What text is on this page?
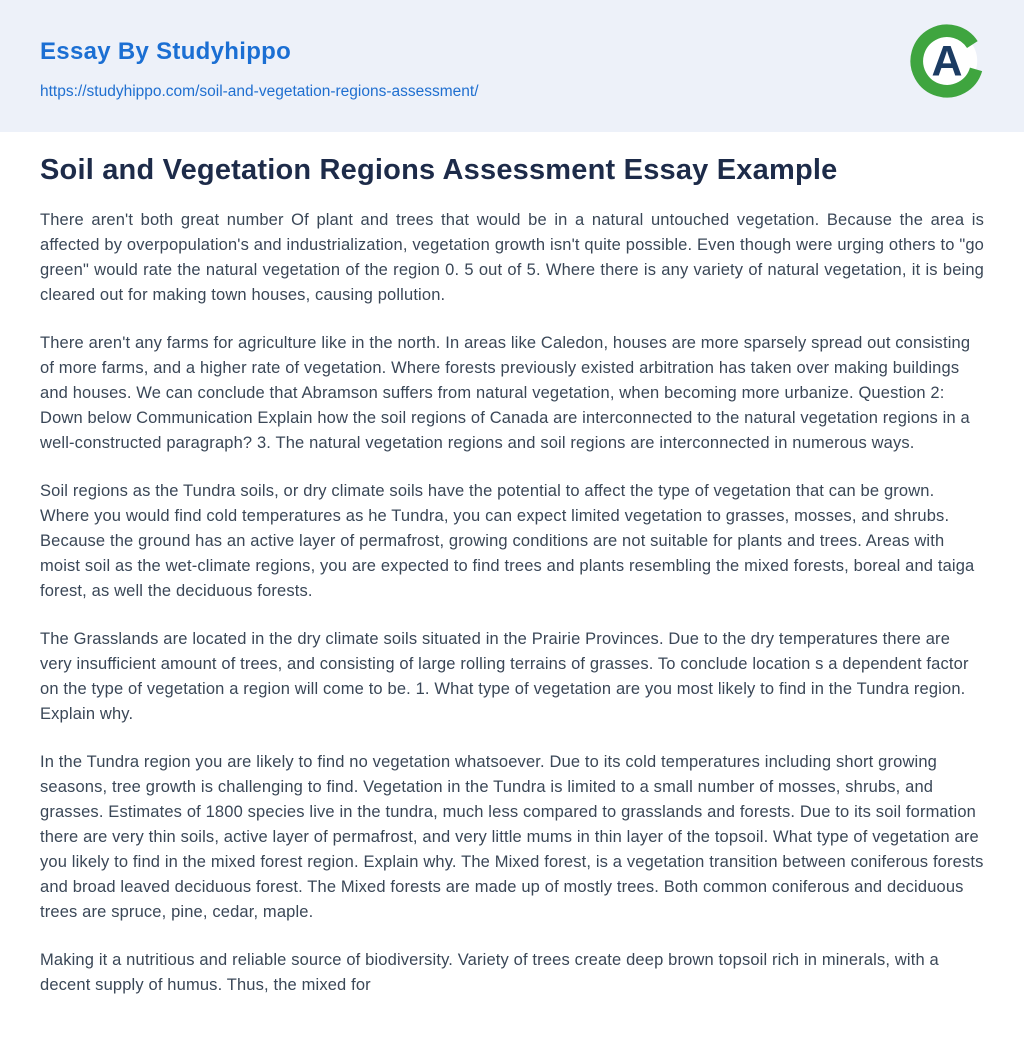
Essay By Studyhippo
https://studyhippo.com/soil-and-vegetation-regions-assessment/
A
Soil and Vegetation Regions Assessment Essay Example

There aren't both great number Of plant and trees that would be in a natural untouched vegetation. Because the area is affected by overpopulation's and industrialization, vegetation growth isn't quite possible. Even though were urging others to "go green" would rate the natural vegetation of the region 0. 5 out of 5. Where there is any variety of natural vegetation, it is being cleared out for making town houses, causing pollution.

There aren't any farms for agriculture like in the north. In areas like Caledon, houses are more sparsely spread out consisting of more farms, and a higher rate of vegetation. Where forests previously existed arbitration has taken over making buildings and houses. We can conclude that Abramson suffers from natural vegetation, when becoming more urbanize. Question 2: Down below Communication Explain how the soil regions of Canada are interconnected to the natural vegetation regions in a well-constructed paragraph? 3. The natural vegetation regions and soil regions are interconnected in numerous ways.

Soil regions as the Tundra soils, or dry climate soils have the potential to affect the type of vegetation that can be grown. Where you would find cold temperatures as he Tundra, you can expect limited vegetation to grasses, mosses, and shrubs. Because the ground has an active layer of permafrost, growing conditions are not suitable for plants and trees. Areas with moist soil as the wet-climate regions, you are expected to find trees and plants resembling the mixed forests, boreal and taiga forest, as well the deciduous forests.

The Grasslands are located in the dry climate soils situated in the Prairie Provinces. Due to the dry temperatures there are very insufficient amount of trees, and consisting of large rolling terrains of grasses. To conclude location s a dependent factor on the type of vegetation a region will come to be. 1. What type of vegetation are you most likely to find in the Tundra region. Explain why.

In the Tundra region you are likely to find no vegetation whatsoever. Due to its cold temperatures including short growing seasons, tree growth is challenging to find. Vegetation in the Tundra is limited to a small number of mosses, shrubs, and grasses. Estimates of 1800 species live in the tundra, much less compared to grasslands and forests. Due to its soil formation there are very thin soils, active layer of permafrost, and very little mums in thin layer of the topsoil. What type of vegetation are you likely to find in the mixed forest region. Explain why. The Mixed forest, is a vegetation transition between coniferous forests and broad leaved deciduous forest. The Mixed forests are made up of mostly trees. Both common coniferous and deciduous trees are spruce, pine, cedar, maple.

Making it a nutritious and reliable source of biodiversity. Variety of trees create deep brown topsoil rich in minerals, with a decent supply of humus. Thus, the mixed for
